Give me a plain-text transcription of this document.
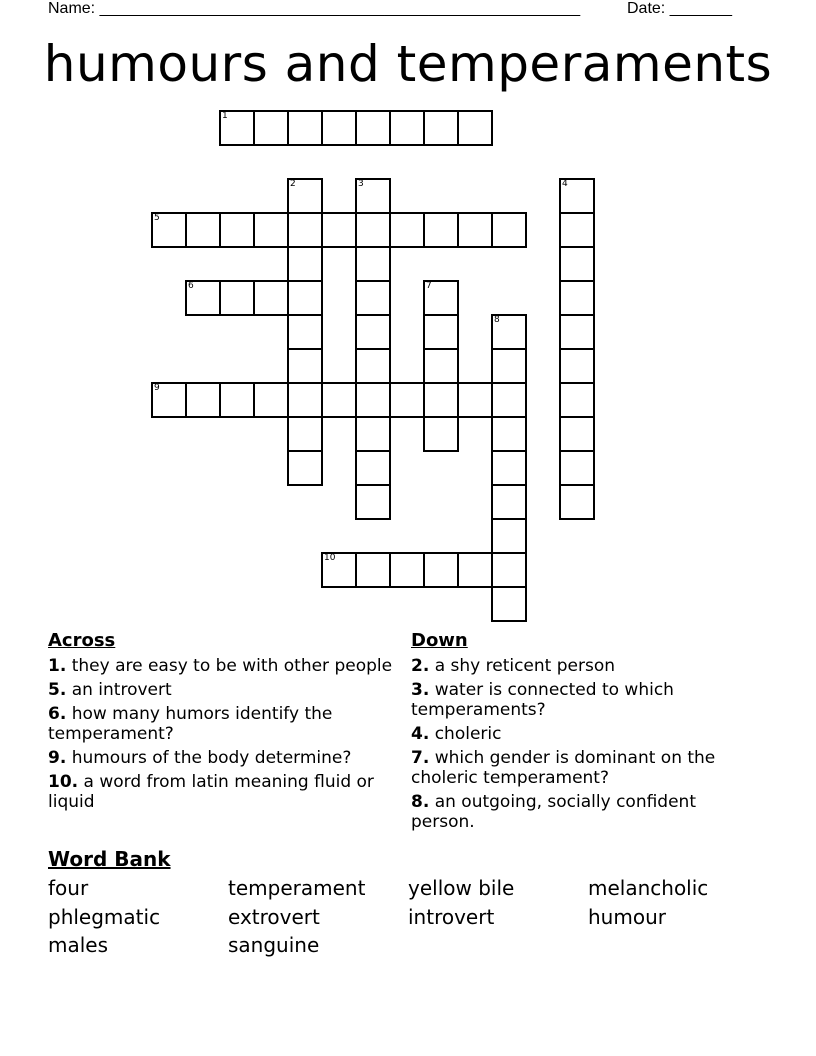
Name: ______________________________________________________	Date: _______
humours and temperaments
1
5
6
9
10
2	3	4
7
8
Across
1. they are easy to be with other people
5. an introvert
6. how many humors identify the temperament?
9. humours of the body determine?
10. a word from latin meaning fluid or liquid
Down
2. a shy reticent person
3. water is connected to which temperaments?
4. choleric
7. which gender is dominant on the choleric temperament?
8. an outgoing, socially confident person.
Word Bank
four	temperament	yellow bile	melancholic
phlegmatic	extrovert	introvert	humour
males	sanguine
